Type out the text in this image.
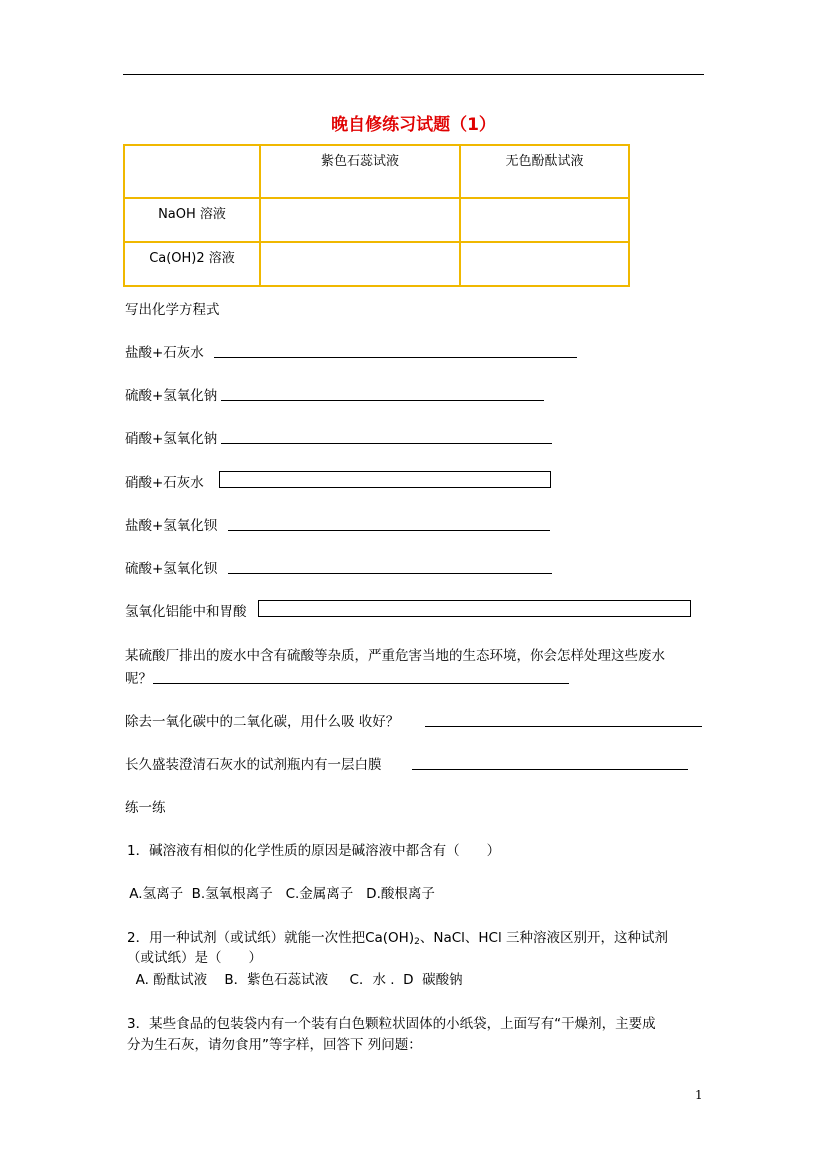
晚自修练习试题（1）
	紫色石蕊试液	无色酚酞试液
NaOH 溶液		
Ca(OH)2 溶液		
写出化学方程式
盐酸+石灰水
硫酸+氢氧化钠
硝酸+氢氧化钠
硝酸+石灰水
盐酸+氢氧化钡
硫酸+氢氧化钡
氢氧化铝能中和胃酸
某硫酸厂排出的废水中含有硫酸等杂质，严重危害当地的生态环境，你会怎样处理这些废水
呢？
除去一氧化碳中的二氧化碳，用什么吸 收好？
长久盛装澄清石灰水的试剂瓶内有一层白膜
练一练
1．碱溶液有相似的化学性质的原因是碱溶液中都含有（　　）
A.氢离子  B.氢氧根离子   C.金属离子   D.酸根离子
2．用一种试剂（或试纸）就能一次性把$Ca(OH)_2$、NaCl、HCl 三种溶液区别开，这种试剂
（或试纸）是（　　）
A. 酚酞试液    B．紫色石蕊试液     C．水 .  D  碳酸钠
3．某些食品的包装袋内有一个装有白色颗粒状固体的小纸袋，上面写有“干燥剂，主要成
分为生石灰，请勿食用”等字样，回答下 列问题：
1
